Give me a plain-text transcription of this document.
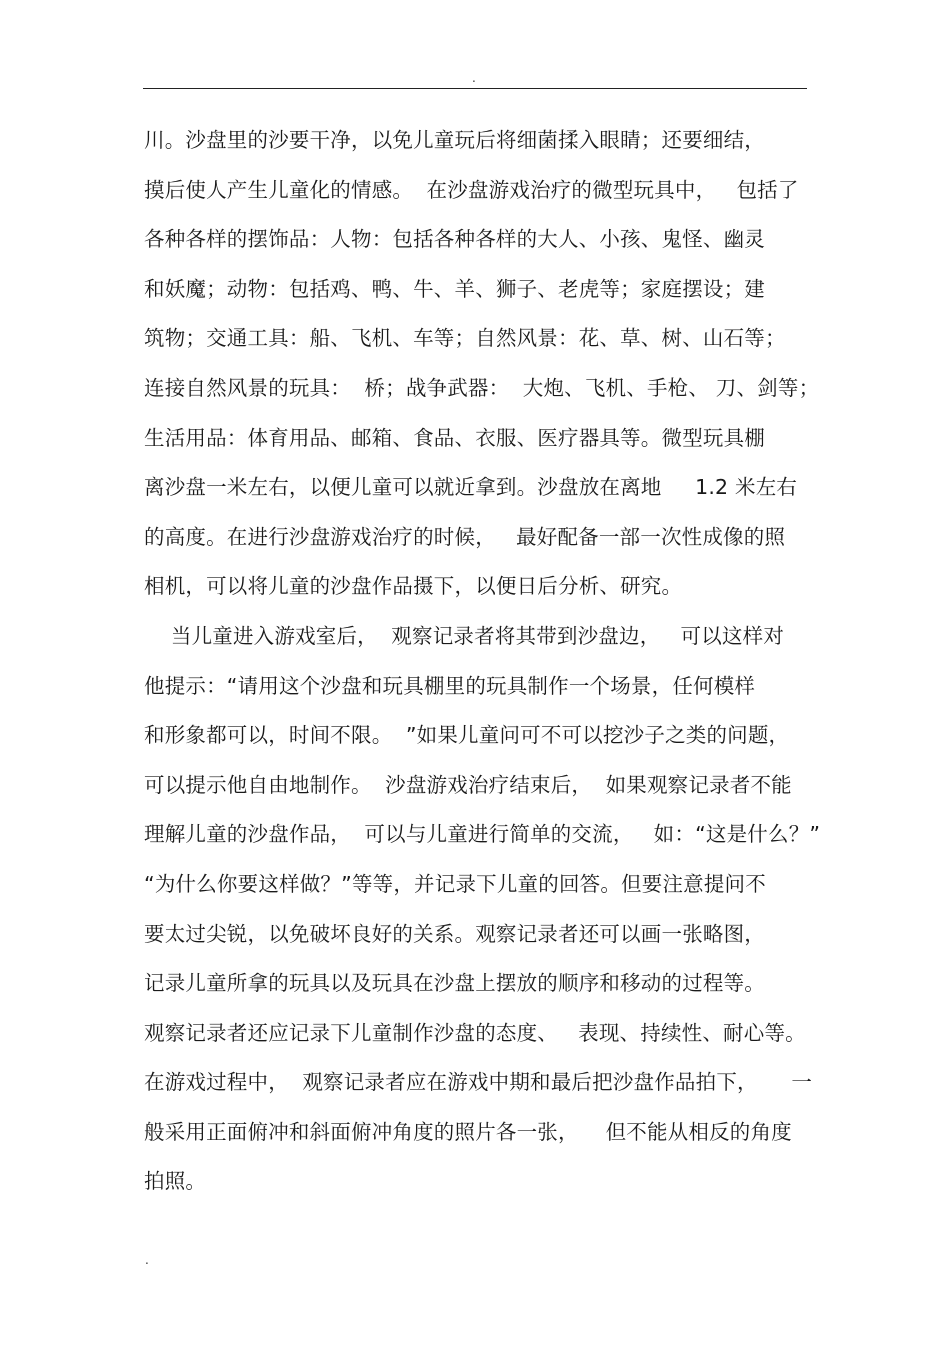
.
川。沙盘里的沙要干净，以免儿童玩后将细菌揉入眼睛；还要细结，
摸后使人产生儿童化的情感。  在沙盘游戏治疗的微型玩具中，   包括了
各种各样的摆饰品：人物：包括各种各样的大人、小孩、鬼怪、幽灵
和妖魔；动物：包括鸡、鸭、牛、羊、狮子、老虎等；家庭摆设；建
筑物；交通工具：船、飞机、车等；自然风景：花、草、树、山石等；
连接自然风景的玩具：  桥；战争武器：  大炮、飞机、手枪、 刀、剑等；
生活用品：体育用品、邮箱、食品、衣服、医疗器具等。微型玩具棚
离沙盘一米左右，以便儿童可以就近拿到。沙盘放在离地     1.2 米左右
的高度。在进行沙盘游戏治疗的时候，   最好配备一部一次性成像的照
相机，可以将儿童的沙盘作品摄下，以便日后分析、研究。
当儿童进入游戏室后，  观察记录者将其带到沙盘边，   可以这样对
他提示：“请用这个沙盘和玩具棚里的玩具制作一个场景，任何模样
和形象都可以，时间不限。  ”如果儿童问可不可以挖沙子之类的问题，
可以提示他自由地制作。  沙盘游戏治疗结束后，  如果观察记录者不能
理解儿童的沙盘作品，  可以与儿童进行简单的交流，   如：“这是什么？”
“为什么你要这样做？”等等，并记录下儿童的回答。但要注意提问不
要太过尖锐，以免破坏良好的关系。观察记录者还可以画一张略图，
记录儿童所拿的玩具以及玩具在沙盘上摆放的顺序和移动的过程等。
观察记录者还应记录下儿童制作沙盘的态度、   表现、持续性、耐心等。
在游戏过程中，  观察记录者应在游戏中期和最后把沙盘作品拍下，     一
般采用正面俯冲和斜面俯冲角度的照片各一张，    但不能从相反的角度
拍照。
.
